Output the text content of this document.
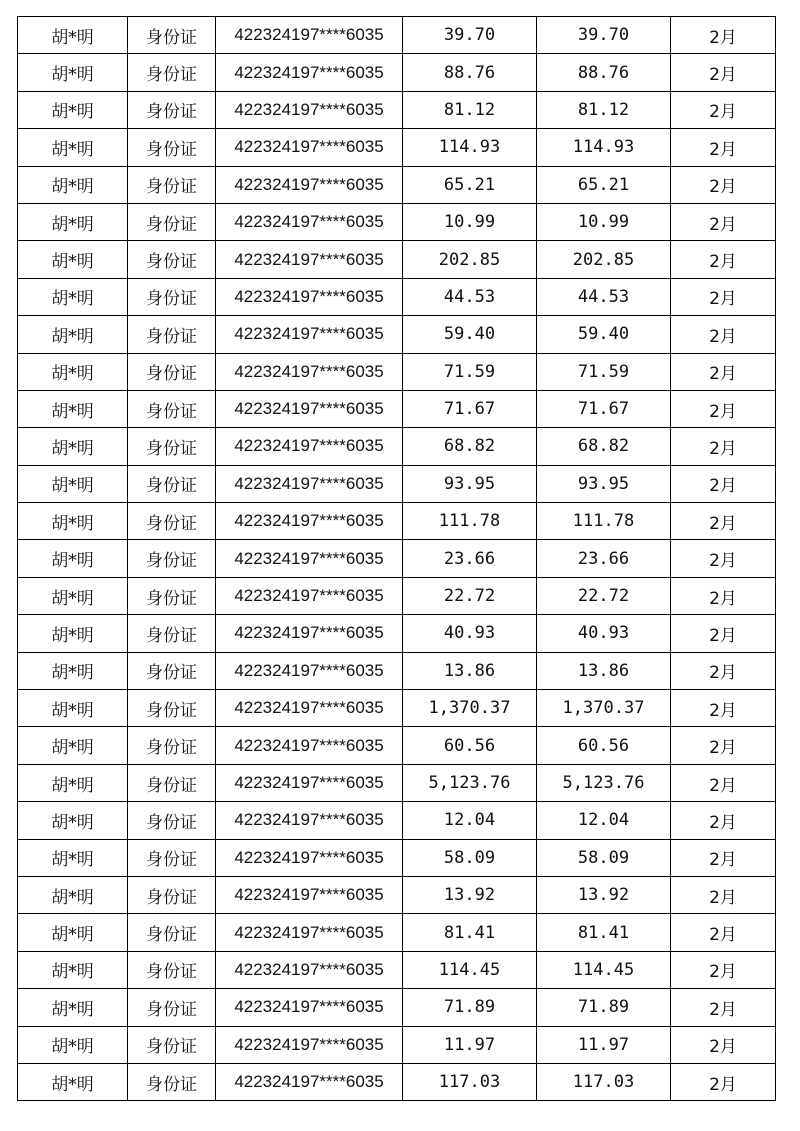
胡*明	身份证	422324197****6035	39.70	39.70	2月
胡*明	身份证	422324197****6035	88.76	88.76	2月
胡*明	身份证	422324197****6035	81.12	81.12	2月
胡*明	身份证	422324197****6035	114.93	114.93	2月
胡*明	身份证	422324197****6035	65.21	65.21	2月
胡*明	身份证	422324197****6035	10.99	10.99	2月
胡*明	身份证	422324197****6035	202.85	202.85	2月
胡*明	身份证	422324197****6035	44.53	44.53	2月
胡*明	身份证	422324197****6035	59.40	59.40	2月
胡*明	身份证	422324197****6035	71.59	71.59	2月
胡*明	身份证	422324197****6035	71.67	71.67	2月
胡*明	身份证	422324197****6035	68.82	68.82	2月
胡*明	身份证	422324197****6035	93.95	93.95	2月
胡*明	身份证	422324197****6035	111.78	111.78	2月
胡*明	身份证	422324197****6035	23.66	23.66	2月
胡*明	身份证	422324197****6035	22.72	22.72	2月
胡*明	身份证	422324197****6035	40.93	40.93	2月
胡*明	身份证	422324197****6035	13.86	13.86	2月
胡*明	身份证	422324197****6035	1,370.37	1,370.37	2月
胡*明	身份证	422324197****6035	60.56	60.56	2月
胡*明	身份证	422324197****6035	5,123.76	5,123.76	2月
胡*明	身份证	422324197****6035	12.04	12.04	2月
胡*明	身份证	422324197****6035	58.09	58.09	2月
胡*明	身份证	422324197****6035	13.92	13.92	2月
胡*明	身份证	422324197****6035	81.41	81.41	2月
胡*明	身份证	422324197****6035	114.45	114.45	2月
胡*明	身份证	422324197****6035	71.89	71.89	2月
胡*明	身份证	422324197****6035	11.97	11.97	2月
胡*明	身份证	422324197****6035	117.03	117.03	2月
